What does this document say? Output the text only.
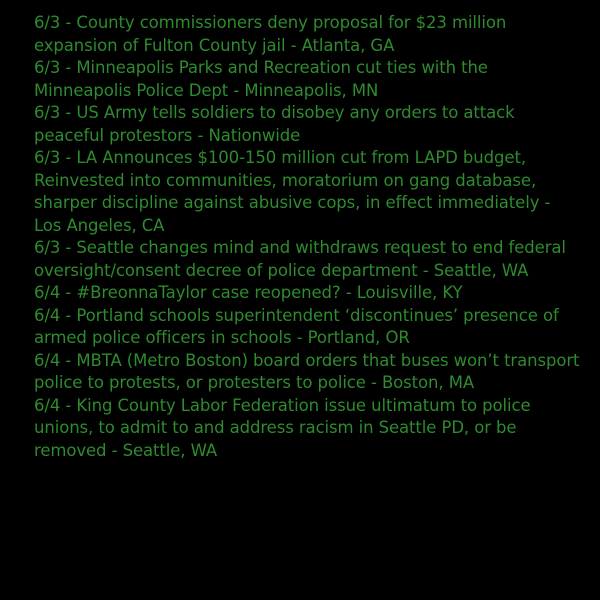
6/3 - County commissioners deny proposal for $23 million expansion of Fulton County jail - Atlanta, GA
6/3 - Minneapolis Parks and Recreation cut ties with the Minneapolis Police Dept - Minneapolis, MN
6/3 - US Army tells soldiers to disobey any orders to attack peaceful protestors - Nationwide
6/3 - LA Announces $100-150 million cut from LAPD budget, Reinvested into communities, moratorium on gang database, sharper discipline against abusive cops, in effect immediately - Los Angeles, CA
6/3 - Seattle changes mind and withdraws request to end federal oversight/consent decree of police department - Seattle, WA
6/4 - #BreonnaTaylor case reopened? - Louisville, KY
6/4 - Portland schools superintendent ‘discontinues’ presence of armed police officers in schools - Portland, OR
6/4 - MBTA (Metro Boston) board orders that buses won’t transport police to protests, or protesters to police - Boston, MA
6/4 - King County Labor Federation issue ultimatum to police unions, to admit to and address racism in Seattle PD, or be removed - Seattle, WA
